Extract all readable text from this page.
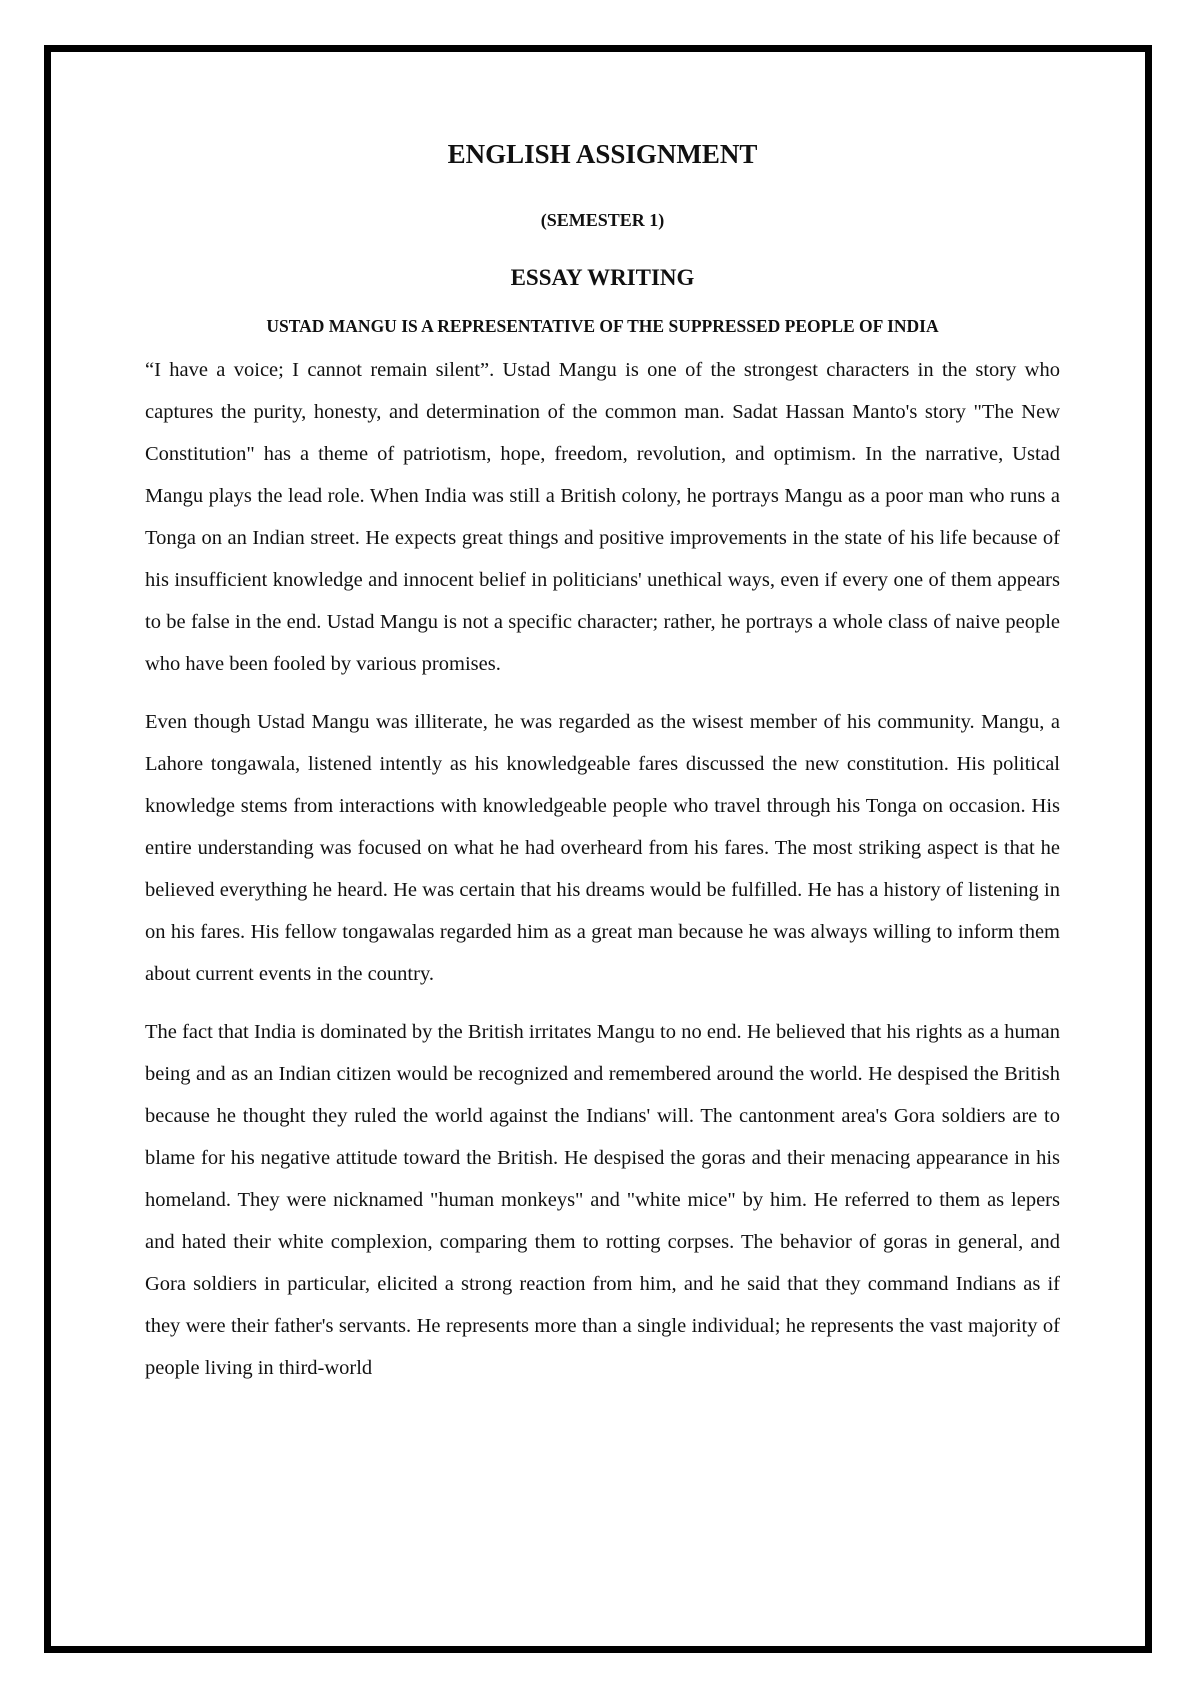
ENGLISH ASSIGNMENT
(SEMESTER 1)
ESSAY WRITING
USTAD MANGU IS A REPRESENTATIVE OF THE SUPPRESSED PEOPLE OF INDIA

“I have a voice; I cannot remain silent”. Ustad Mangu is one of the strongest characters in the story who captures the purity, honesty, and determination of the common man. Sadat Hassan Manto's story "The New Constitution" has a theme of patriotism, hope, freedom, revolution, and optimism. In the narrative, Ustad Mangu plays the lead role. When India was still a British colony, he portrays Mangu as a poor man who runs a Tonga on an Indian street. He expects great things and positive improvements in the state of his life because of his insufficient knowledge and innocent belief in politicians' unethical ways, even if every one of them appears to be false in the end. Ustad Mangu is not a specific character; rather, he portrays a whole class of naive people who have been fooled by various promises.

Even though Ustad Mangu was illiterate, he was regarded as the wisest member of his community. Mangu, a Lahore tongawala, listened intently as his knowledgeable fares discussed the new constitution. His political knowledge stems from interactions with knowledgeable people who travel through his Tonga on occasion. His entire understanding was focused on what he had overheard from his fares. The most striking aspect is that he believed everything he heard. He was certain that his dreams would be fulfilled. He has a history of listening in on his fares. His fellow tongawalas regarded him as a great man because he was always willing to inform them about current events in the country.

The fact that India is dominated by the British irritates Mangu to no end. He believed that his rights as a human being and as an Indian citizen would be recognized and remembered around the world. He despised the British because he thought they ruled the world against the Indians' will. The cantonment area's Gora soldiers are to blame for his negative attitude toward the British. He despised the goras and their menacing appearance in his homeland. They were nicknamed "human monkeys" and "white mice" by him. He referred to them as lepers and hated their white complexion, comparing them to rotting corpses. The behavior of goras in general, and Gora soldiers in particular, elicited a strong reaction from him, and he said that they command Indians as if they were their father's servants. He represents more than a single individual; he represents the vast majority of people living in third-world
